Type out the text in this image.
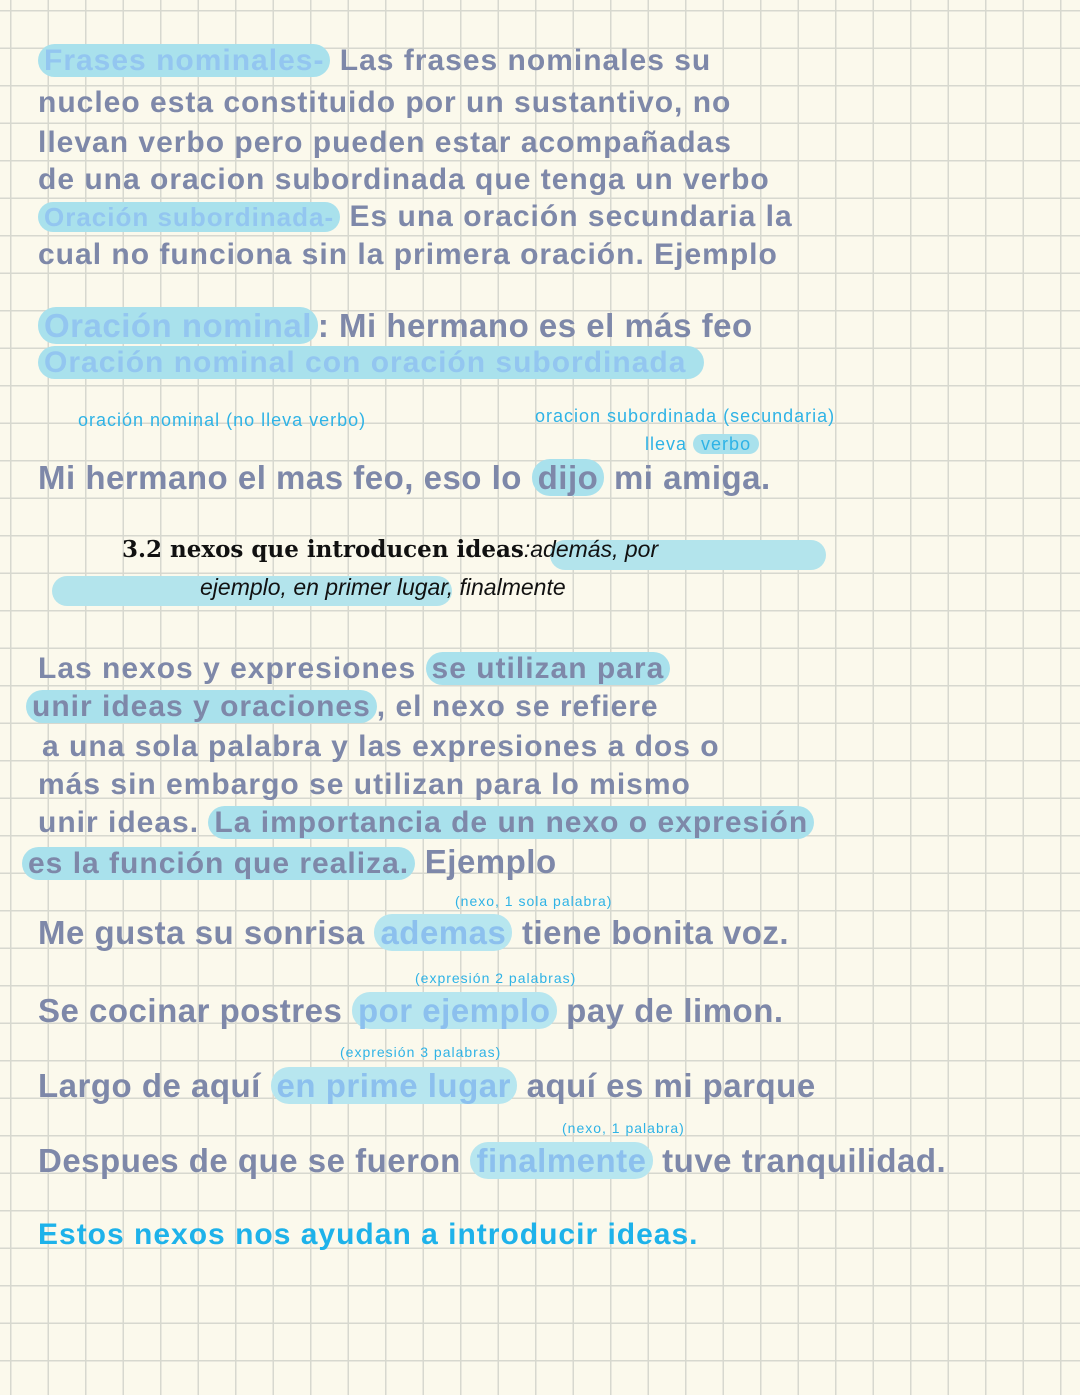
Frases nominales- Las frases nominales su
nucleo esta constituido por un sustantivo, no
llevan verbo pero pueden estar acompañadas
de una oracion subordinada que tenga un verbo
Oración subordinada- Es una oración secundaria la
cual no funciona sin la primera oración. Ejemplo
Oración nominal : Mi hermano es el más feo
Oración nominal con oración subordinada
oración nominal (no lleva verbo)	oracion subordinada (secundaria)
lleva verbo
Mi hermano el mas feo, eso lo dijo mi amiga.
3.2 nexos que introducen ideas:además, por
ejemplo, en primer lugar, finalmente
Las nexos y expresiones se utilizan para
unir ideas y oraciones , el nexo se refiere
a una sola palabra y las expresiones a dos o
más sin embargo se utilizan para lo mismo
unir ideas. La importancia de un nexo o expresión
es la función que realiza. Ejemplo
(nexo, 1 sola palabra)
Me gusta su sonrisa ademas tiene bonita voz.
(expresión 2 palabras)
Se cocinar postres por ejemplo pay de limon.
(expresión 3 palabras)
Largo de aquí en prime lugar aquí es mi parque
(nexo, 1 palabra)
Despues de que se fueron finalmente tuve tranquilidad.
Estos nexos nos ayudan a introducir ideas.
